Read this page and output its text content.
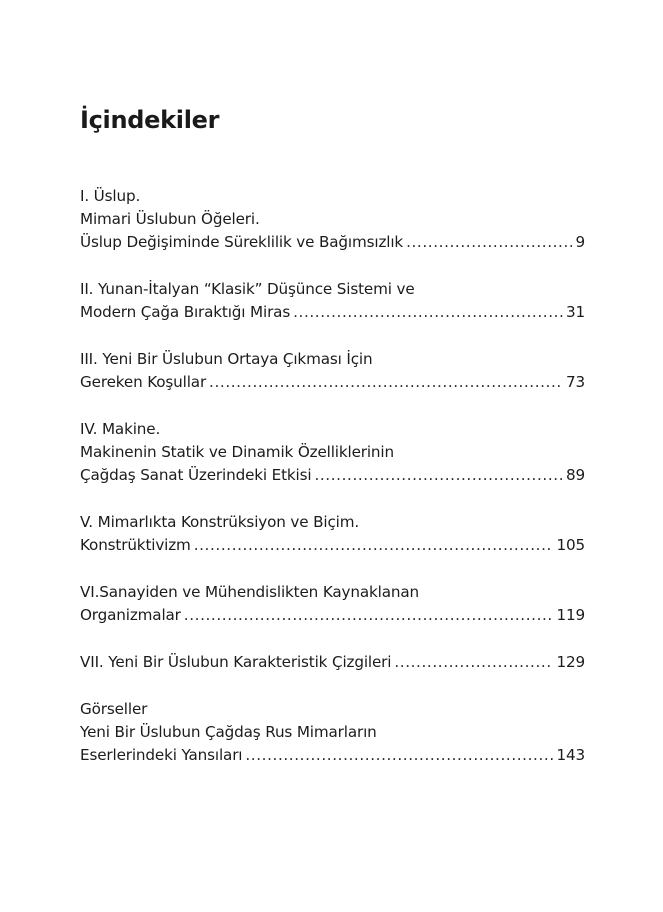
İçindekiler
I. Üslup.
Mimari Üslubun Öğeleri.
Üslup Değişiminde Süreklilik ve Bağımsızlık .....	9
II. Yunan-İtalyan “Klasik” Düşünce Sistemi ve
Modern Çağa Bıraktığı Miras .....	31
III. Yeni Bir Üslubun Ortaya Çıkması İçin
Gereken Koşullar .....	73
IV. Makine.
Makinenin Statik ve Dinamik Özelliklerinin
Çağdaş Sanat Üzerindeki Etkisi .....	89
V. Mimarlıkta Konstrüksiyon ve Biçim.
Konstrüktivizm .....	105
VI.Sanayiden ve Mühendislikten Kaynaklanan
Organizmalar .....	119
VII. Yeni Bir Üslubun Karakteristik Çizgileri .....	129
Görseller
Yeni Bir Üslubun Çağdaş Rus Mimarların
Eserlerindeki Yansıları .....	143
